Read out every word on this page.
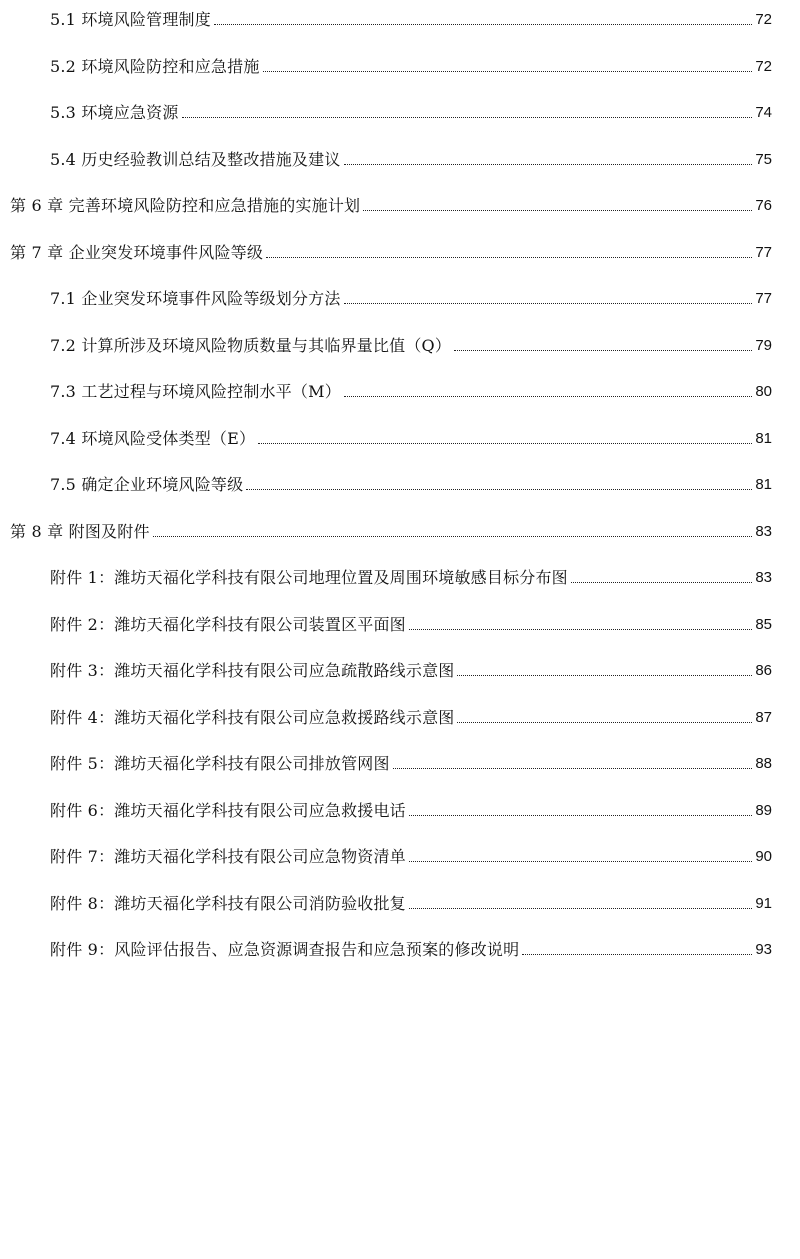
5.1 环境风险管理制度	72
5.2 环境风险防控和应急措施	72
5.3 环境应急资源	74
5.4 历史经验教训总结及整改措施及建议	75
第 6 章 完善环境风险防控和应急措施的实施计划	76
第 7 章 企业突发环境事件风险等级	77
7.1 企业突发环境事件风险等级划分方法	77
7.2 计算所涉及环境风险物质数量与其临界量比值（Q）	79
7.3 工艺过程与环境风险控制水平（M）	80
7.4 环境风险受体类型（E）	81
7.5 确定企业环境风险等级	81
第 8 章 附图及附件	83
附件 1：潍坊天福化学科技有限公司地理位置及周围环境敏感目标分布图	83
附件 2：潍坊天福化学科技有限公司装置区平面图	85
附件 3：潍坊天福化学科技有限公司应急疏散路线示意图	86
附件 4：潍坊天福化学科技有限公司应急救援路线示意图	87
附件 5：潍坊天福化学科技有限公司排放管网图	88
附件 6：潍坊天福化学科技有限公司应急救援电话	89
附件 7：潍坊天福化学科技有限公司应急物资清单	90
附件 8：潍坊天福化学科技有限公司消防验收批复	91
附件 9：风险评估报告、应急资源调查报告和应急预案的修改说明	93
